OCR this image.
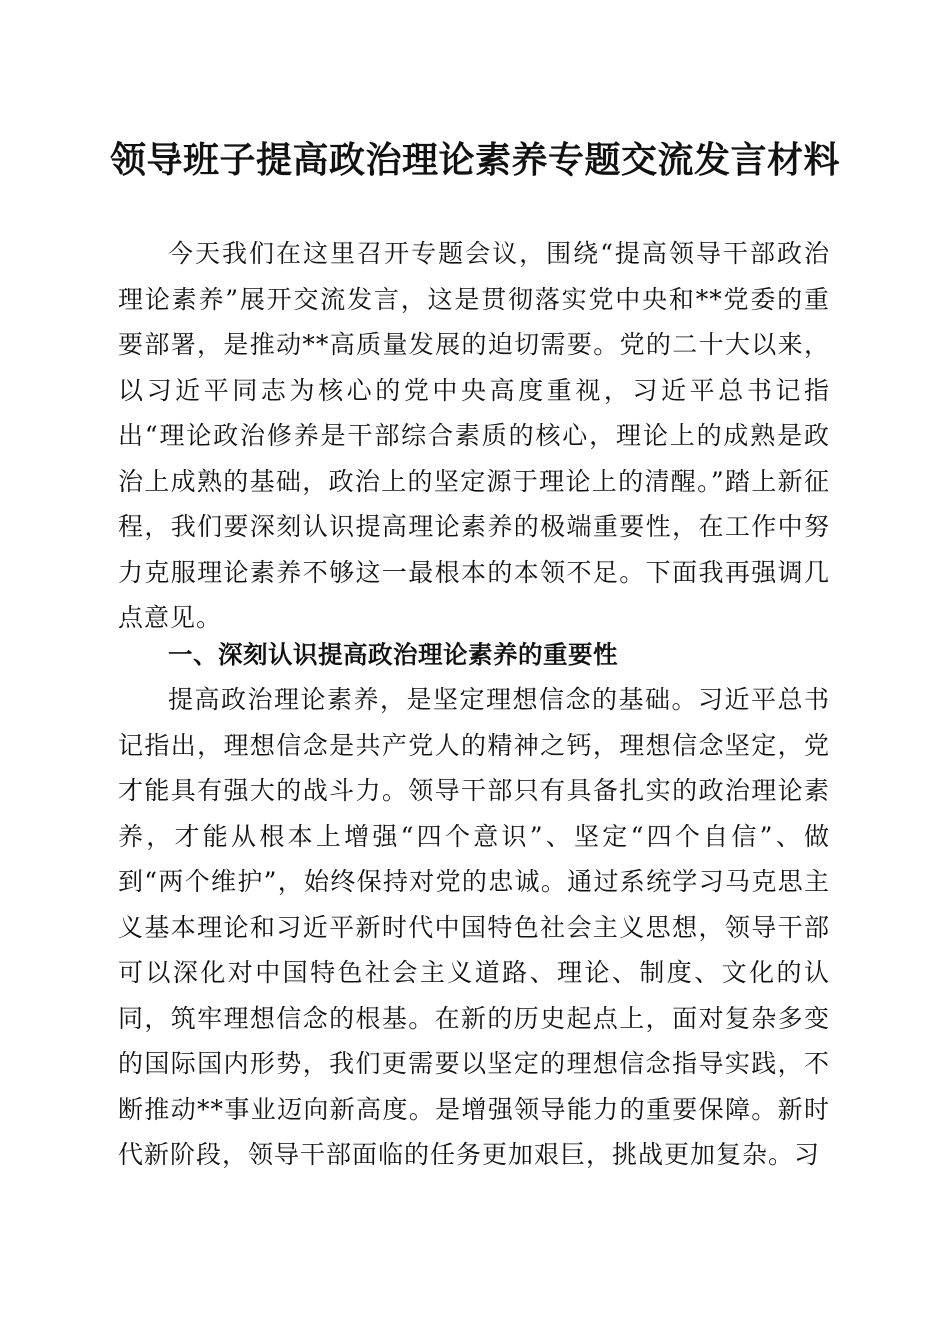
领导班子提高政治理论素养专题交流发言材料

今天我们在这里召开专题会议，围绕“提高领导干部政治理论素养”展开交流发言，这是贯彻落实党中央和**党委的重要部署，是推动**高质量发展的迫切需要。党的二十大以来，以习近平同志为核心的党中央高度重视，习近平总书记指出“理论政治修养是干部综合素质的核心，理论上的成熟是政治上成熟的基础，政治上的坚定源于理论上的清醒。”踏上新征程，我们要深刻认识提高理论素养的极端重要性，在工作中努力克服理论素养不够这一最根本的本领不足。下面我再强调几点意见。

一、深刻认识提高政治理论素养的重要性

提高政治理论素养，是坚定理想信念的基础。习近平总书记指出，理想信念是共产党人的精神之钙，理想信念坚定，党才能具有强大的战斗力。领导干部只有具备扎实的政治理论素养，才能从根本上增强“四个意识”、坚定“四个自信”、做到“两个维护”，始终保持对党的忠诚。通过系统学习马克思主义基本理论和习近平新时代中国特色社会主义思想，领导干部可以深化对中国特色社会主义道路、理论、制度、文化的认同，筑牢理想信念的根基。在新的历史起点上，面对复杂多变的国际国内形势，我们更需要以坚定的理想信念指导实践，不断推动**事业迈向新高度。是增强领导能力的重要保障。新时代新阶段，领导干部面临的任务更加艰巨，挑战更加复杂。习
